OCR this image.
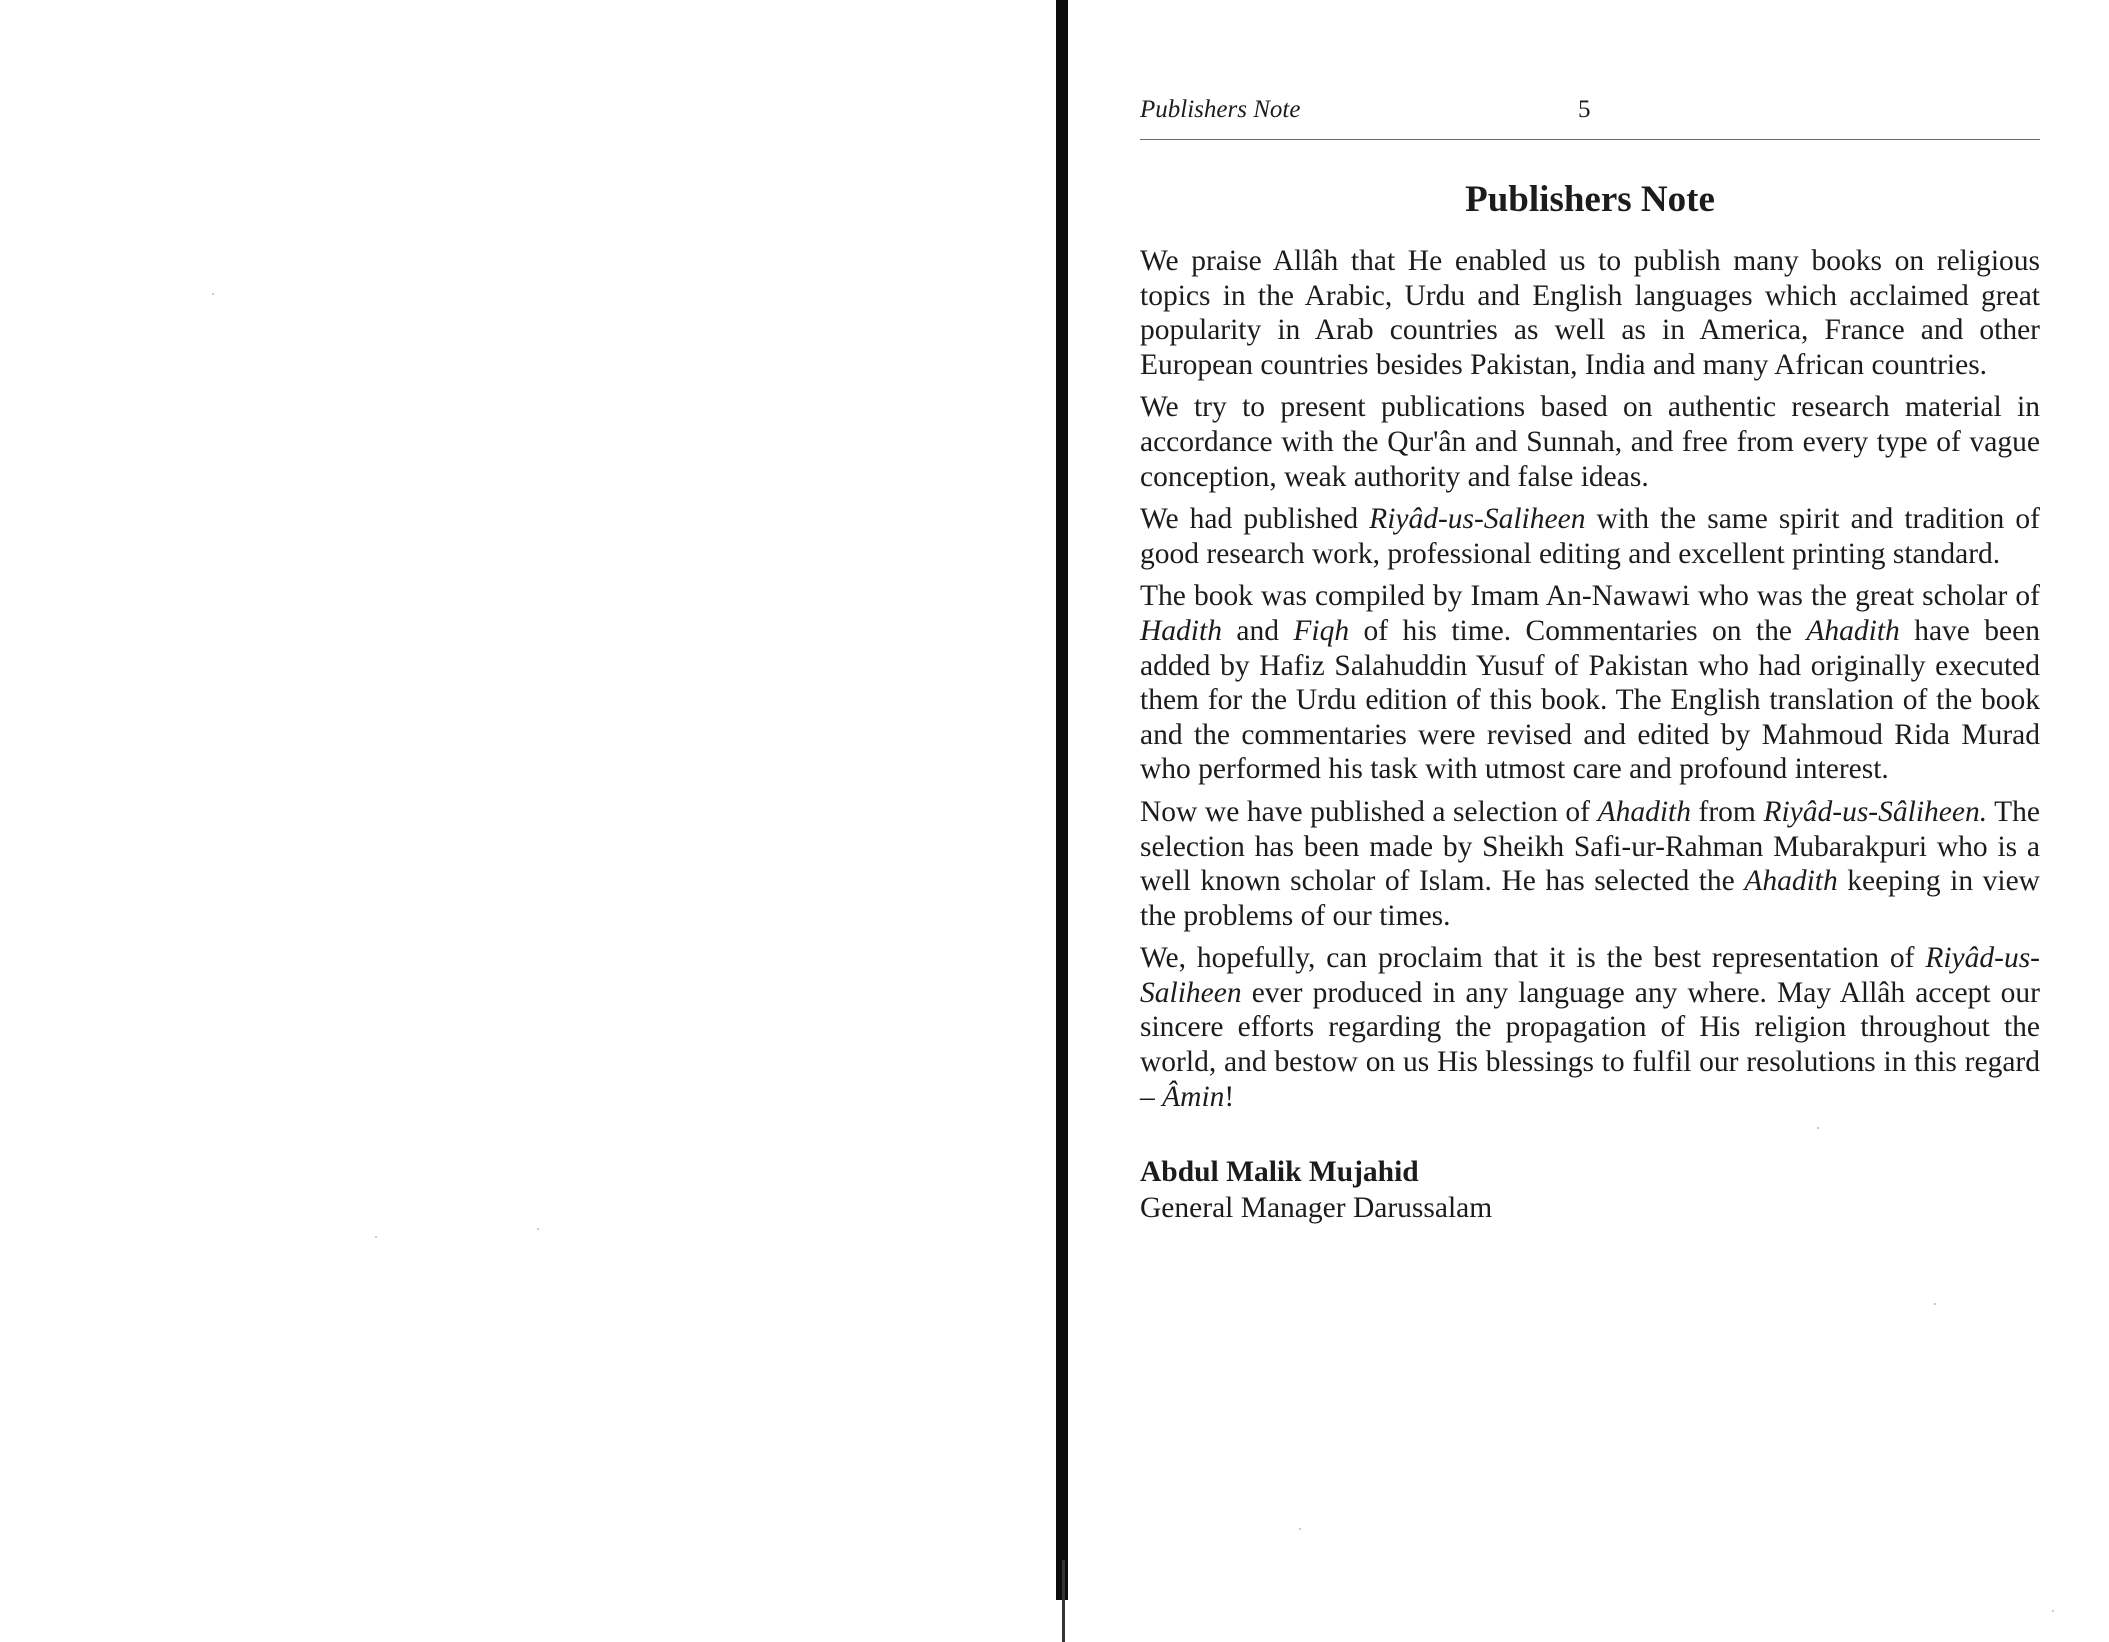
Publishers Note	5
Publishers Note

We praise Allâh that He enabled us to publish many books on religious topics in the Arabic, Urdu and English languages which acclaimed great popularity in Arab countries as well as in America, France and other European countries besides Pakistan, India and many African countries.

We try to present publications based on authentic research material in accordance with the Qur'ân and Sunnah, and free from every type of vague conception, weak authority and false ideas.

We had published Riyâd-us-Saliheen with the same spirit and tradition of good research work, professional editing and excellent printing standard.

The book was compiled by Imam An-Nawawi who was the great scholar of Hadith and Fiqh of his time. Commentaries on the Ahadith have been added by Hafiz Salahuddin Yusuf of Pakistan who had originally executed them for the Urdu edition of this book. The English translation of the book and the commentaries were revised and edited by Mahmoud Rida Murad who performed his task with utmost care and profound interest.

Now we have published a selection of Ahadith from Riyâd-us-Sâliheen. The selection has been made by Sheikh Safi-ur-Rahman Mubarakpuri who is a well known scholar of Islam. He has selected the Ahadith keeping in view the problems of our times.

We, hopefully, can proclaim that it is the best representation of Riyâd-us-Saliheen ever produced in any language any where. May Allâh accept our sincere efforts regarding the propagation of His religion throughout the world, and bestow on us His blessings to fulfil our resolutions in this regard – Âmin!

Abdul Malik Mujahid
General Manager Darussalam
